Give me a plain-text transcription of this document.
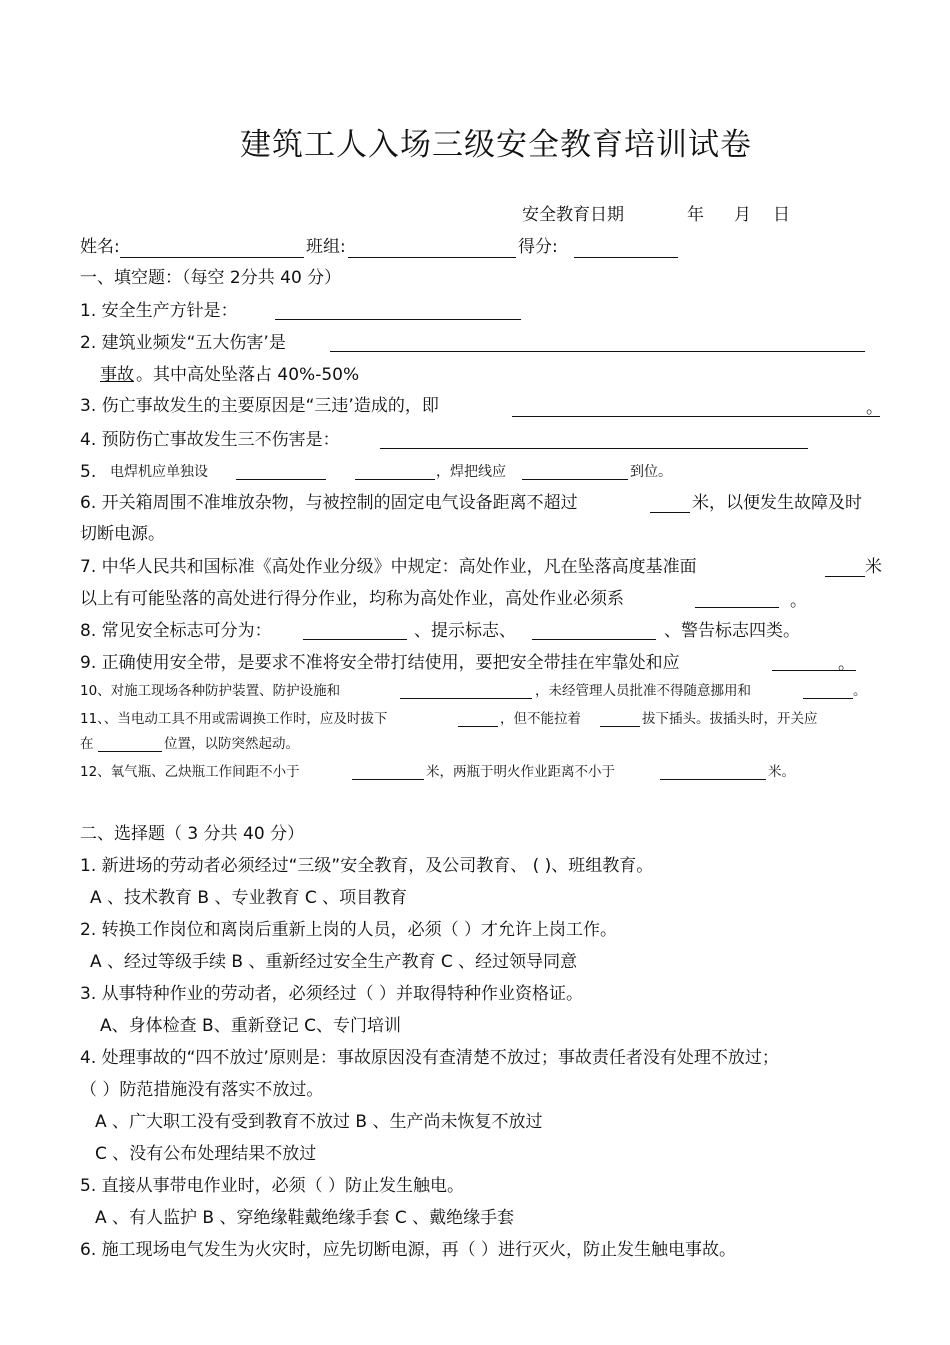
建筑工人入场三级安全教育培训试卷
安全教育日期	年 月 日
姓名:	班组:	得分:
一、填空题：（每空 2分共 40 分）
1. 安全生产方针是：
2. 建筑业频发“五大伤害’是
事故 。其中高处坠落占 40%-50%
3. 伤亡事故发生的主要原因是“三违’造成的，即	。
4. 预防伤亡事故发生三不伤害是：
5. 电焊机应单独设	，焊把线应	到位。
6. 开关箱周围不准堆放杂物，与被控制的固定电气设备距离不超过	米，以便发生故障及时
切断电源。
7. 中华人民共和国标准《高处作业分级》中规定：高处作业，凡在坠落高度基准面	米
以上有可能坠落的高处进行得分作业，均称为高处作业，高处作业必须系	。
8. 常见安全标志可分为：	、提示标志、	、警告标志四类。
9. 正确使用安全带，是要求不准将安全带打结使用，要把安全带挂在牢靠处和应	。
10、对施工现场各种防护装置、防护设施和	，未经管理人员批准不得随意挪用和	。
11、、当电动工具不用或需调换工作时，应及时拔下	，但不能拉着	拔下插头。拔插头时，开关应
在	位置，以防突然起动。
12、氧气瓶、乙炔瓶工作间距不小于	米，两瓶于明火作业距离不小于	米。
二、选择题（ 3 分共 40 分）
1. 新进场的劳动者必须经过“三级”安全教育，及公司教育、 ( )、班组教育。
A 、技术教育 B 、专业教育 C 、项目教育
2. 转换工作岗位和离岗后重新上岗的人员，必须（ ）才允许上岗工作。
A 、经过等级手续 B 、重新经过安全生产教育 C 、经过领导同意
3. 从事特种作业的劳动者，必须经过（ ）并取得特种作业资格证。
A、身体检查 B、重新登记 C、专门培训
4. 处理事故的“四不放过’原则是：事故原因没有查清楚不放过；事故责任者没有处理不放过；
（ ）防范措施没有落实不放过。
A 、广大职工没有受到教育不放过 B 、生产尚未恢复不放过
C 、没有公布处理结果不放过
5. 直接从事带电作业时，必须（ ）防止发生触电。
A 、有人监护 B 、穿绝缘鞋戴绝缘手套 C 、戴绝缘手套
6. 施工现场电气发生为火灾时，应先切断电源，再（ ）进行灭火，防止发生触电事故。
